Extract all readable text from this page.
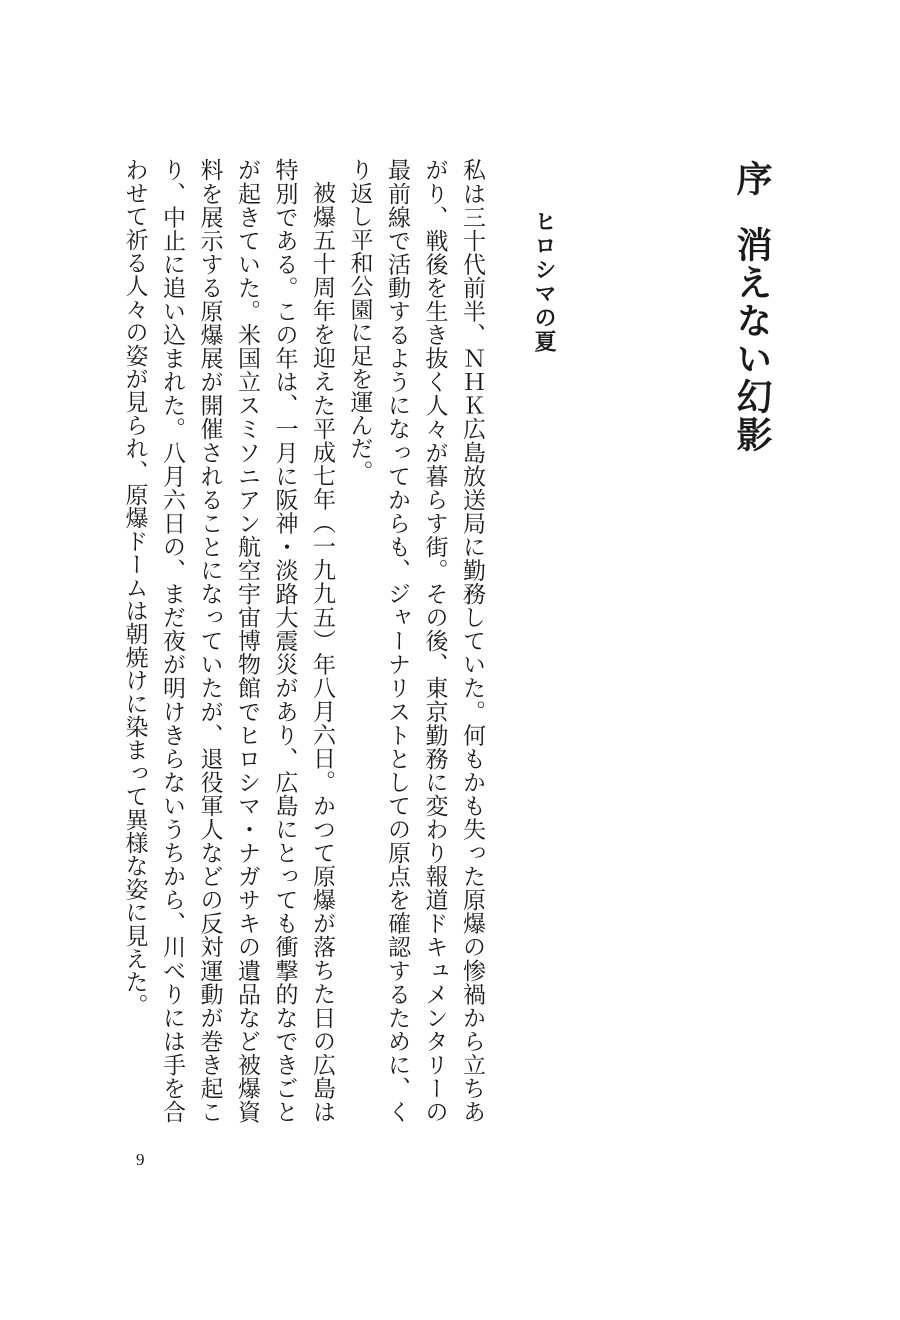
序消えない幻影
ヒロシマの夏

私は三十代前半、ＮＨＫ広島放送局に勤務していた。何もかも失った原爆の惨禍から立ちあがり、戦後を生き抜く人々が暮らす街。その後、東京勤務に変わり報道ドキュメンタリーの最前線で活動するようになってからも、ジャーナリストとしての原点を確認するために、くり返し平和公園に足を運んだ。

被爆五十周年を迎えた平成七年（一九九五）年八月六日。かつて原爆が落ちた日の広島は特別である。この年は、一月に阪神・淡路大震災があり、広島にとっても衝撃的なできごとが起きていた。米国立スミソニアン航空宇宙博物館でヒロシマ・ナガサキの遺品など被爆資料を展示する原爆展が開催されることになっていたが、退役軍人などの反対運動が巻き起こり、中止に追い込まれた。八月六日の、まだ夜が明けきらないうちから、川べりには手を合わせて祈る人々の姿が見られ、原爆ドームは朝焼けに染まって異様な姿に見えた。

9
